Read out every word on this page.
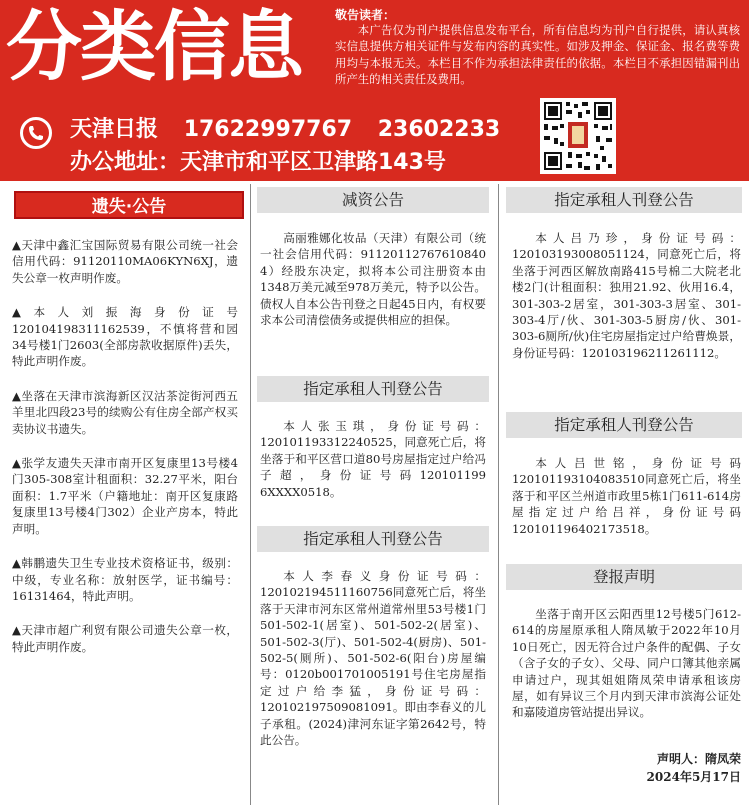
分 类 信 息	敬告读者：
本广告仅为刊户提供信息发布平台，所有信息均为刊户自行提供，请认真核实信息提供方相关证件与发布内容的真实性。如涉及押金、保证金、报名费等费用均与本报无关。本栏目不作为承担法律责任的依据。本栏目不承担因错漏刊出所产生的相关责任及费用。
天津日报 17622997767 23602233
办公地址：天津市和平区卫津路143号
遗失·公告

▲天津中鑫汇宝国际贸易有限公司统一社会信用代码：91120110MA06KYN6XJ，遗失公章一枚声明作废。

▲本人刘振海身份证号120104198311162539，不慎将营和园34号楼1门2603(全部房款收据原件)丢失，特此声明作废。

▲坐落在天津市滨海新区汉沽茶淀街河西五羊里北四段23号的续购公有住房全部产权买卖协议书遗失。

▲张学友遗失天津市南开区复康里13号楼4门305-308室计租面积：32.27平米，阳台面积：1.7平米（户籍地址：南开区复康路复康里13号楼4门302）企业产房本，特此声明。

▲韩鹏遗失卫生专业技术资格证书，级别：中级，专业名称：放射医学，证书编号：16131464，特此声明。

▲天津市超广利贸有限公司遗失公章一枚，特此声明作废。

减资公告
高丽雅娜化妆品（天津）有限公司（统一社会信用代码：91120112767610840​4）经股东决定，拟将本公司注册资本由1348万美元减至978万美元，特予以公告。债权人自本公告刊登之日起45日内，有权要求本公司清偿债务或提供相应的担保。
指定承租人刊登公告
本人张玉琪，身份证号码：120101193312240525，同意死亡后，将坐落于和平区营口道80号房屋指定过户给冯子超，身份证号码120101199​6XXXX0518。
指定承租人刊登公告
本人李春义身份证号码：120102194511160756同意死亡后，将坐落于天津市河东区常州道常州里53号楼1门501-502-1(居室)、501-502-2(居室)、501-502-3(厅)、501-502-4(厨房)、501-502-5(厕所)、501-502-6(阳台)房屋编号：0120b001701005191号住宅房屋指定过户给李猛，身份证号码：120102197509081091。即由李春义的儿子承租。(2024)津河东证字第2642号，特此公告。
指定承租人刊登公告
本人吕乃珍，身份证号码：120103193008051124，同意死亡后，将坐落于河西区解放南路415号棉二大院老北楼2门(计租面积：独用21.92、伙用16.4，301-303-2居室，301-303-3居室、301-303-4厅/伙、301-303-5厨房/伙、301-303-6厕所/伙)住宅房屋指定过户给曹焕景，身份证号码：120103196211261112。
指定承租人刊登公告
本人吕世铭，身份证号码120101193104083510同意死亡后，将坐落于和平区兰州道市政里5栋1门611-614房屋指定过户给吕祥，身份证号码120101196402173518。
登报声明
坐落于南开区云阳西里12号楼5门612-614的房屋原承租人隋凤敏于2022年10月10日死亡，因无符合过户条件的配偶、子女（含子女的子女）、父母、同户口簿其他亲属申请过户，现其姐姐隋凤荣申请承租该房屋，如有异议三个月内到天津市滨海公证处和嘉陵道房管站提出异议。
声明人：隋凤荣
2024年5月17日
